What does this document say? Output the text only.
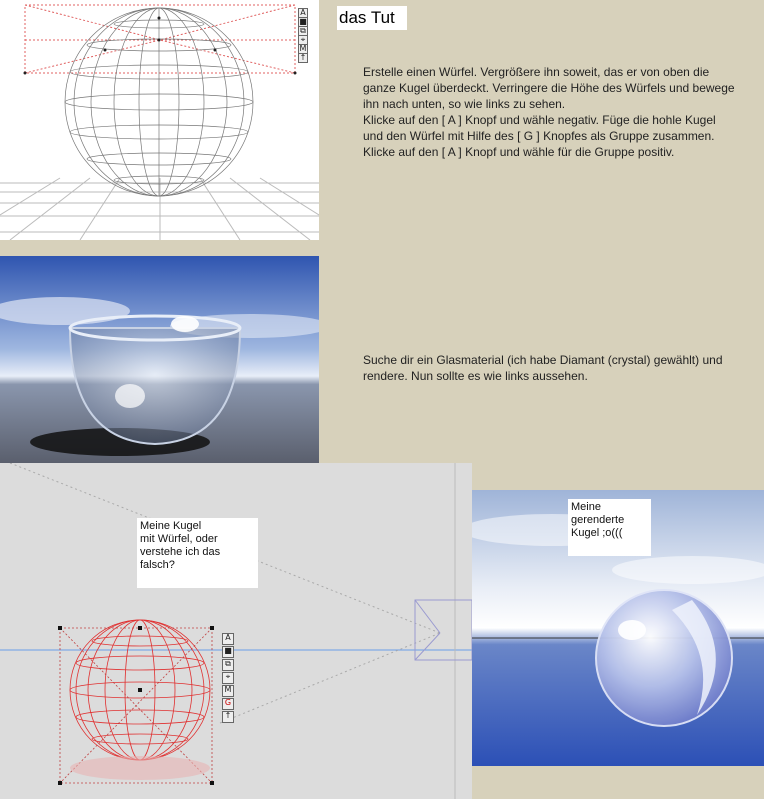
A
■
⧉
⌖
M
↑
das Tut
Erstelle einen Würfel. Vergrößere ihn soweit, das er von oben die
ganze Kugel überdeckt. Verringere die Höhe des Würfels und bewege
ihn nach unten, so wie links zu sehen.
Klicke auf den [ A ] Knopf und wähle negativ. Füge die hohle Kugel
und den Würfel mit Hilfe des [ G ] Knopfes als Gruppe zusammen.
Klicke auf den [ A ] Knopf und wähle für die Gruppe positiv.
Suche dir ein Glasmaterial (ich habe Diamant (crystal) gewählt) und
rendere. Nun sollte es wie links aussehen.
A
■
⧉
⌖
M
G
↑
Meine Kugel
mit Würfel, oder
verstehe ich das
falsch?
Meine
gerenderte
Kugel ;o(((
